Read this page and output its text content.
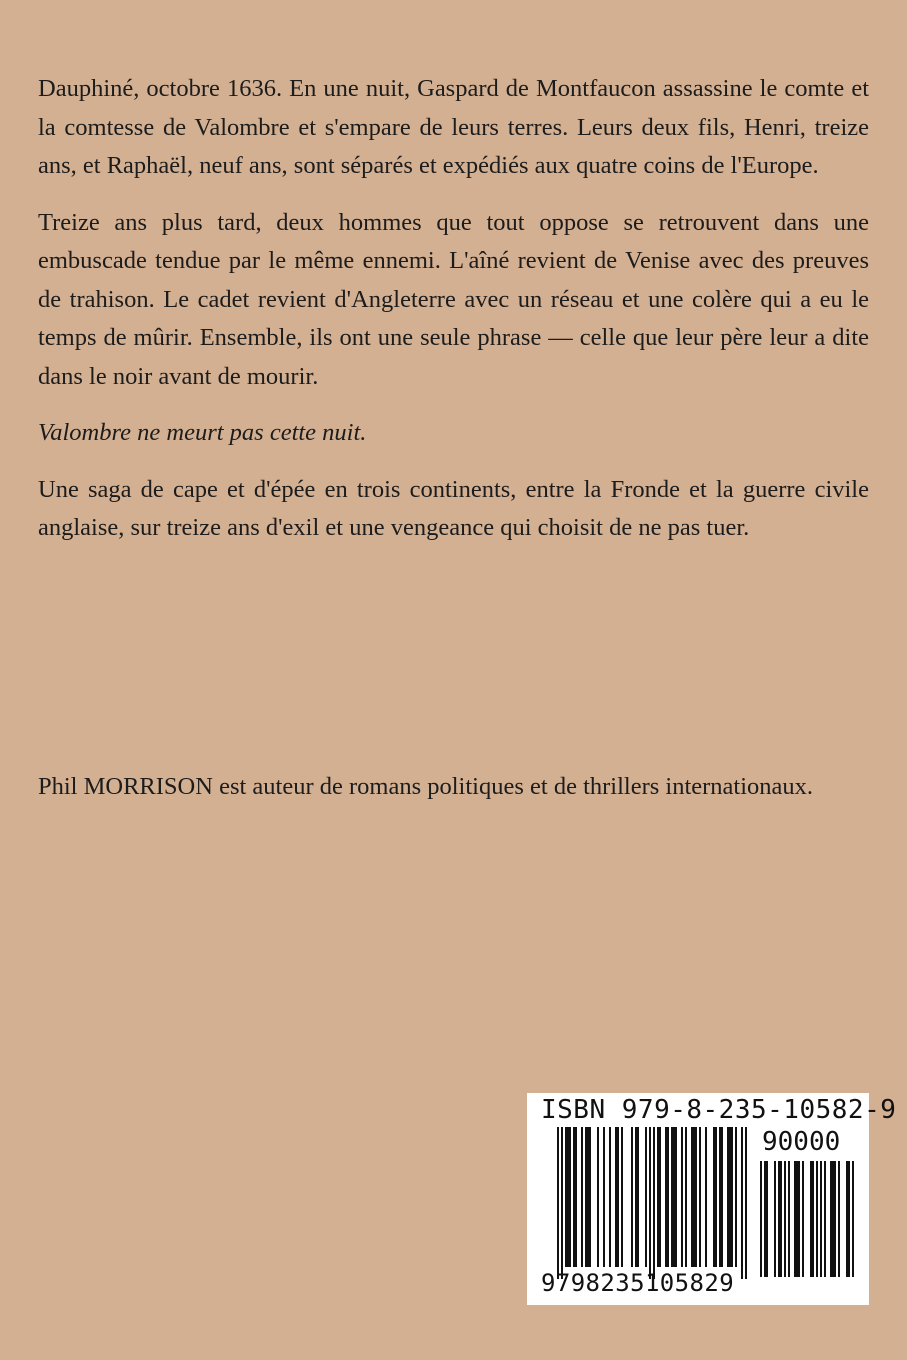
Dauphiné, octobre 1636. En une nuit, Gaspard de Montfaucon assassine le comte et la comtesse de Valombre et s'empare de leurs terres. Leurs deux fils, Henri, treize ans, et Raphaël, neuf ans, sont séparés et expédiés aux quatre coins de l'Europe.

Treize ans plus tard, deux hommes que tout oppose se retrouvent dans une embuscade tendue par le même ennemi. L'aîné revient de Venise avec des preuves de trahison. Le cadet revient d'Angleterre avec un réseau et une colère qui a eu le temps de mûrir. Ensemble, ils ont une seule phrase — celle que leur père leur a dite dans le noir avant de mourir.

Valombre ne meurt pas cette nuit.

Une saga de cape et d'épée en trois continents, entre la Fronde et la guerre civile anglaise, sur treize ans d'exil et une vengeance qui choisit de ne pas tuer.

Phil MORRISON est auteur de romans politiques et de thrillers internationaux.

ISBN 979-8-235-10582-9
90000
9798235105829
